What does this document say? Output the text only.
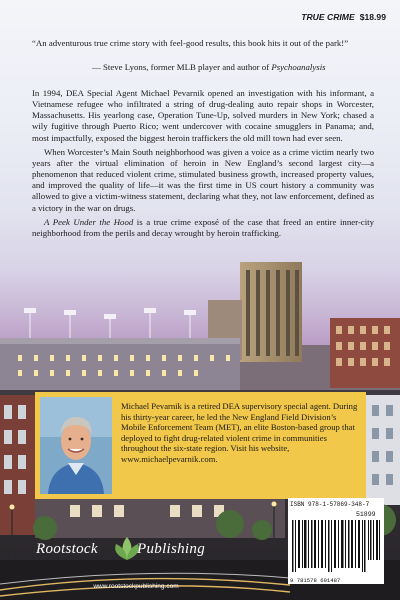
TRUE CRIME $18.99
“An adventurous true crime story with feel-good results, this book hits it out of the park!”
— Steve Lyons, former MLB player and author of Psychoanalysis

In 1994, DEA Special Agent Michael Pevarnik opened an investigation with his informant, a Vietnamese refugee who infiltrated a string of drug-dealing auto repair shops in Worcester, Massachusetts. His yearlong case, Operation Tune-Up, solved murders in New York; chased a wily fugitive through Puerto Rico; went undercover with cocaine smugglers in Panama; and, most impactfully, exposed the biggest heroin traffickers the old mill town had ever seen.

When Worcester’s Main South neighborhood was given a voice as a crime victim nearly two years after the virtual elimination of heroin in New England’s second largest city—a phenomenon that reduced violent crime, stimulated business growth, increased property values, and improved the quality of life—it was the first time in US court history a community was allowed to give a victim-witness statement, declaring what they, not law enforcement, defined as a victory in the war on drugs.

A Peek Under the Hood is a true crime exposé of the case that freed an entire inner-city neighborhood from the perils and decay wrought by heroin trafficking.

Michael Pevarnik is a retired DEA supervisory special agent. During his thirty-year career, he led the New England Field Division’s Mobile Enforcement Team (MET), an elite Boston-based group that deployed to fight drug-related violent crime in communities throughout the six-state region. Visit his website, www.michaelpevarnik.com.
ISBN 978-1-57869-348-7
51899
9 781578 691487
Rootstock	Publishing
www.rootstockpublishing.com
